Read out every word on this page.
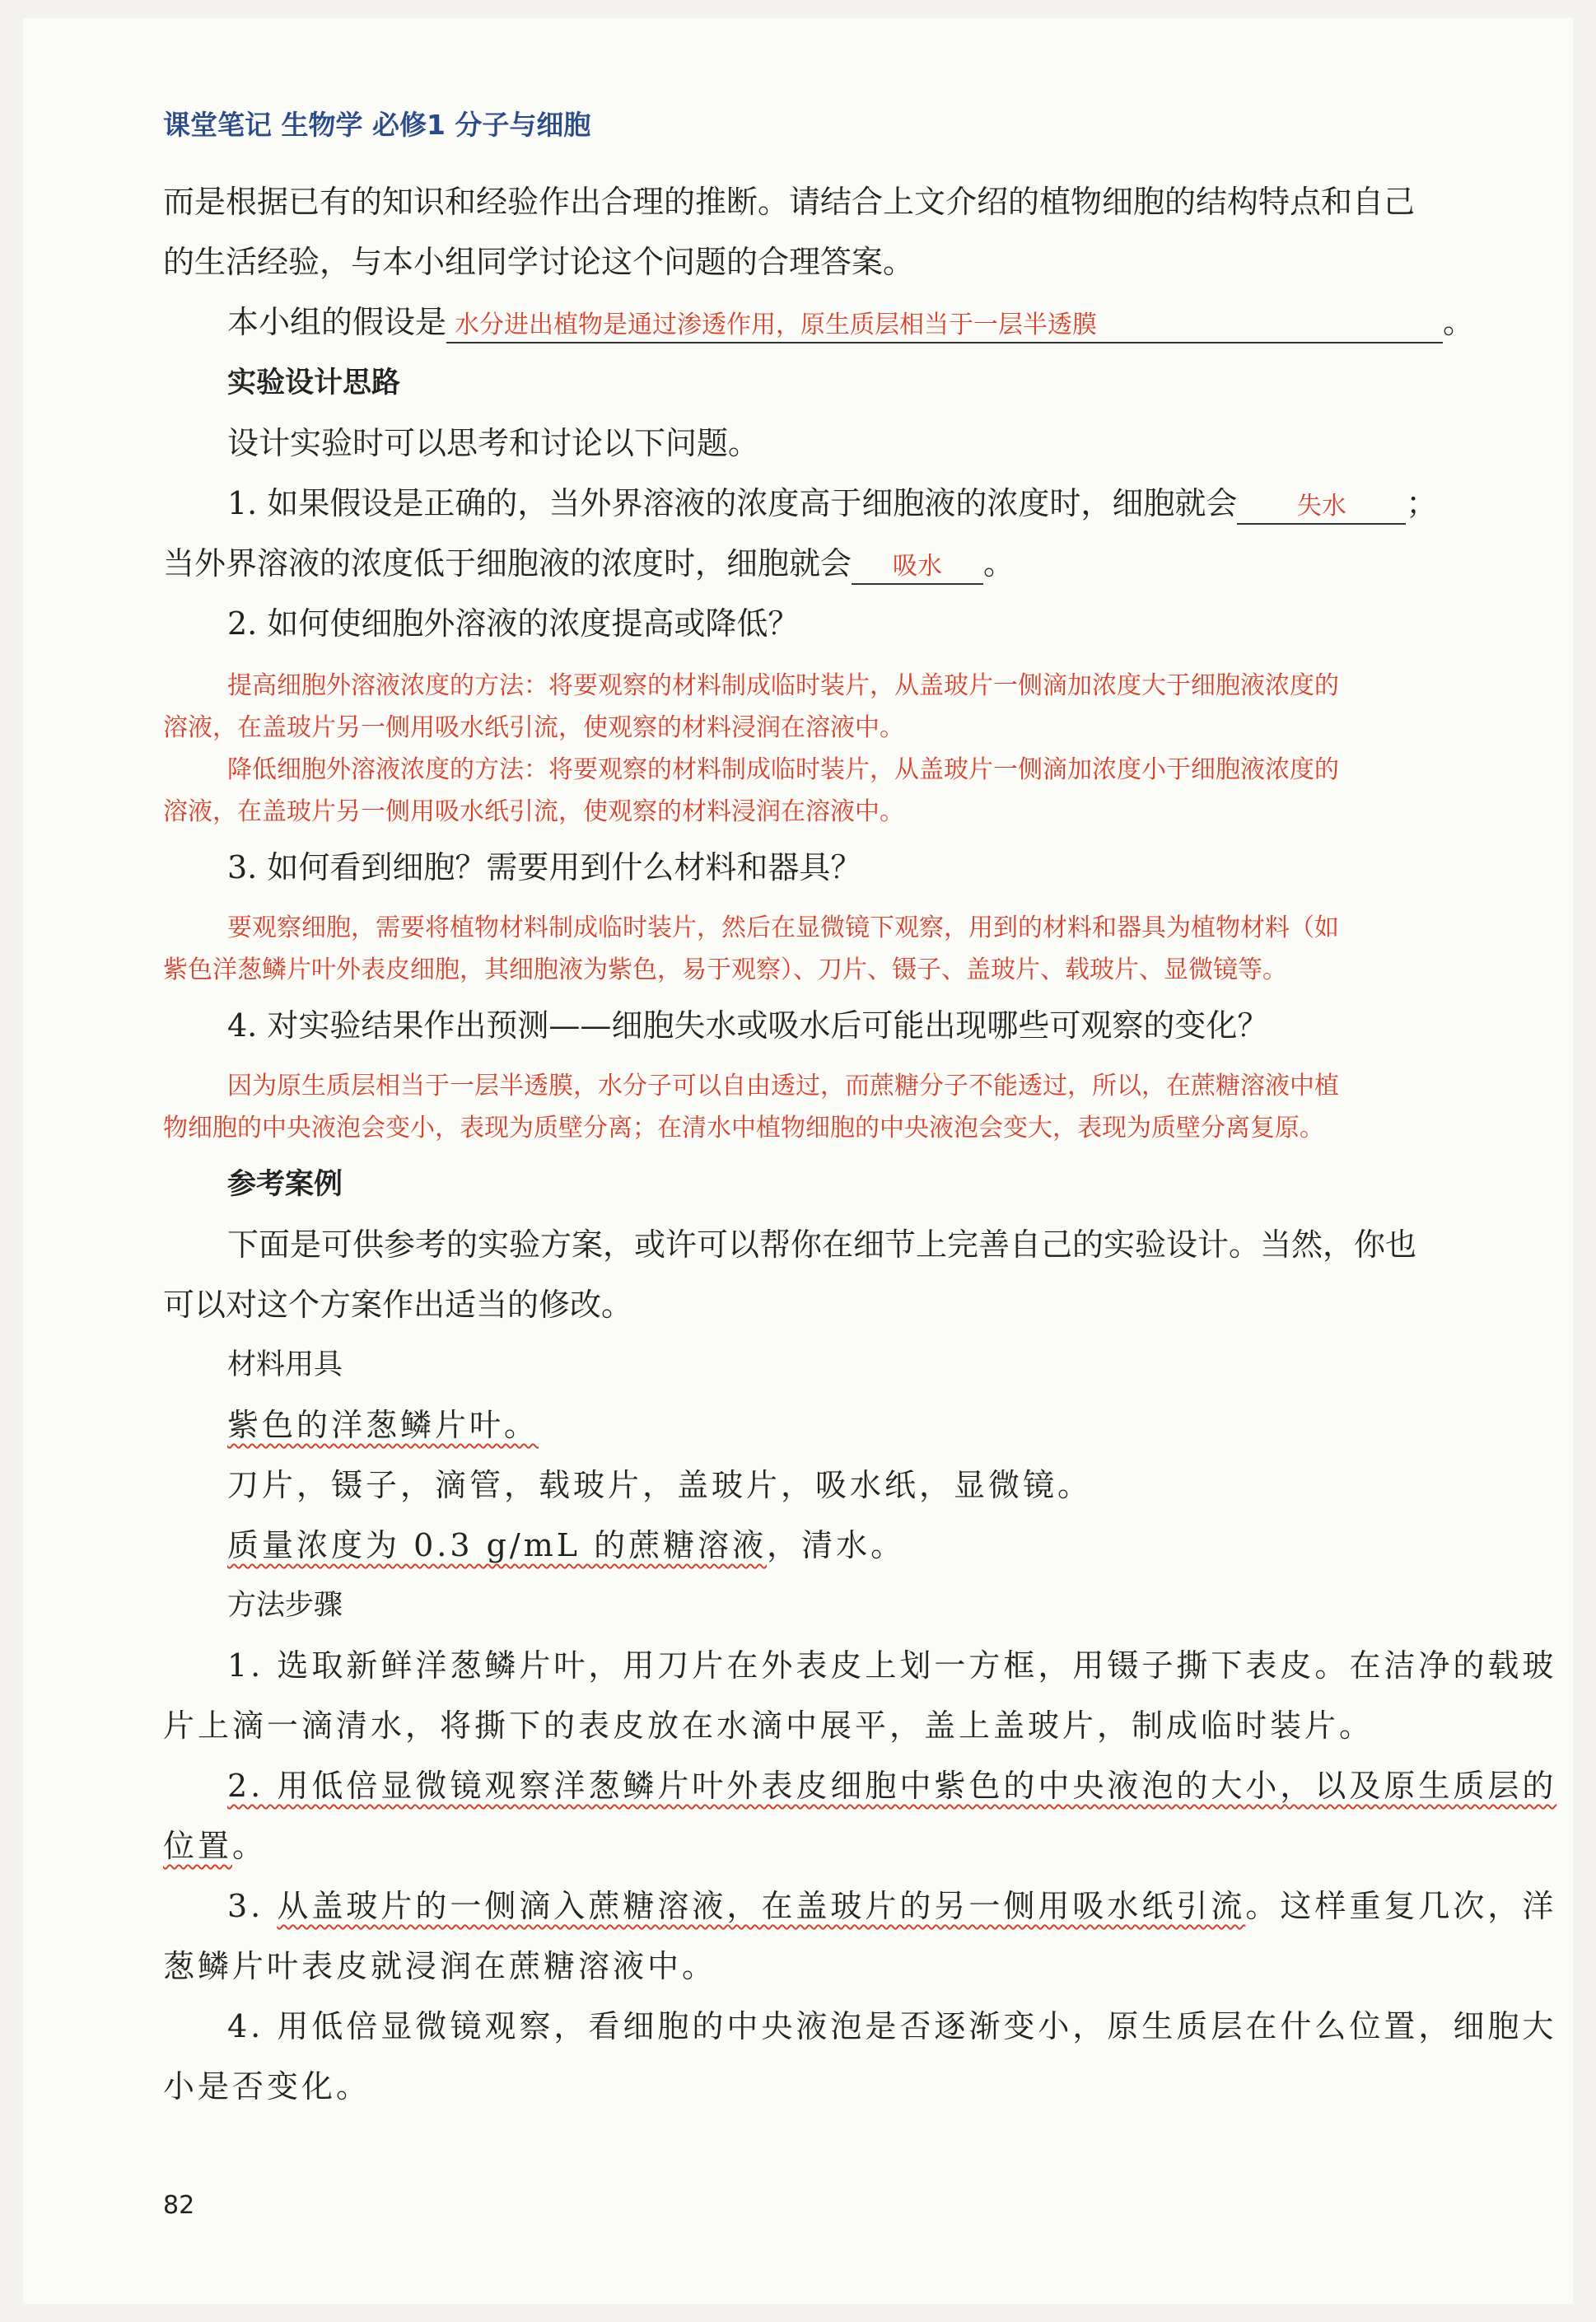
课堂笔记 生物学 必修1 分子与细胞
而是根据已有的知识和经验作出合理的推断。请结合上文介绍的植物细胞的结构特点和自己
的生活经验，与本小组同学讨论这个问题的合理答案。
本小组的假设是 水分进出植物是通过渗透作用，原生质层相当于一层半透膜	。
实验设计思路
设计实验时可以思考和讨论以下问题。
1. 如果假设是正确的，当外界溶液的浓度高于细胞液的浓度时，细胞就会 失水 ；
当外界溶液的浓度低于细胞液的浓度时，细胞就会 吸水 。
2. 如何使细胞外溶液的浓度提高或降低？
提高细胞外溶液浓度的方法：将要观察的材料制成临时装片，从盖玻片一侧滴加浓度大于细胞液浓度的
溶液，在盖玻片另一侧用吸水纸引流，使观察的材料浸润在溶液中。
降低细胞外溶液浓度的方法：将要观察的材料制成临时装片，从盖玻片一侧滴加浓度小于细胞液浓度的
溶液，在盖玻片另一侧用吸水纸引流，使观察的材料浸润在溶液中。
3. 如何看到细胞？需要用到什么材料和器具？
要观察细胞，需要将植物材料制成临时装片，然后在显微镜下观察，用到的材料和器具为植物材料（如
紫色洋葱鳞片叶外表皮细胞，其细胞液为紫色，易于观察）、刀片、镊子、盖玻片、载玻片、显微镜等。
4. 对实验结果作出预测——细胞失水或吸水后可能出现哪些可观察的变化？
因为原生质层相当于一层半透膜，水分子可以自由透过，而蔗糖分子不能透过，所以，在蔗糖溶液中植
物细胞的中央液泡会变小，表现为质壁分离；在清水中植物细胞的中央液泡会变大，表现为质壁分离复原。
参考案例
下面是可供参考的实验方案，或许可以帮你在细节上完善自己的实验设计。当然，你也
可以对这个方案作出适当的修改。
材料用具
紫色的洋葱鳞片叶。
刀片，镊子，滴管，载玻片，盖玻片，吸水纸，显微镜。
质量浓度为 0.3 g/mL 的蔗糖溶液，清水。
方法步骤
1. 选取新鲜洋葱鳞片叶，用刀片在外表皮上划一方框，用镊子撕下表皮。在洁净的载玻
片上滴一滴清水，将撕下的表皮放在水滴中展平，盖上盖玻片，制成临时装片。
2. 用低倍显微镜观察洋葱鳞片叶外表皮细胞中紫色的中央液泡的大小，以及原生质层的
位置。
3. 从盖玻片的一侧滴入蔗糖溶液，在盖玻片的另一侧用吸水纸引流。这样重复几次，洋
葱鳞片叶表皮就浸润在蔗糖溶液中。
4. 用低倍显微镜观察，看细胞的中央液泡是否逐渐变小，原生质层在什么位置，细胞大
小是否变化。
82
